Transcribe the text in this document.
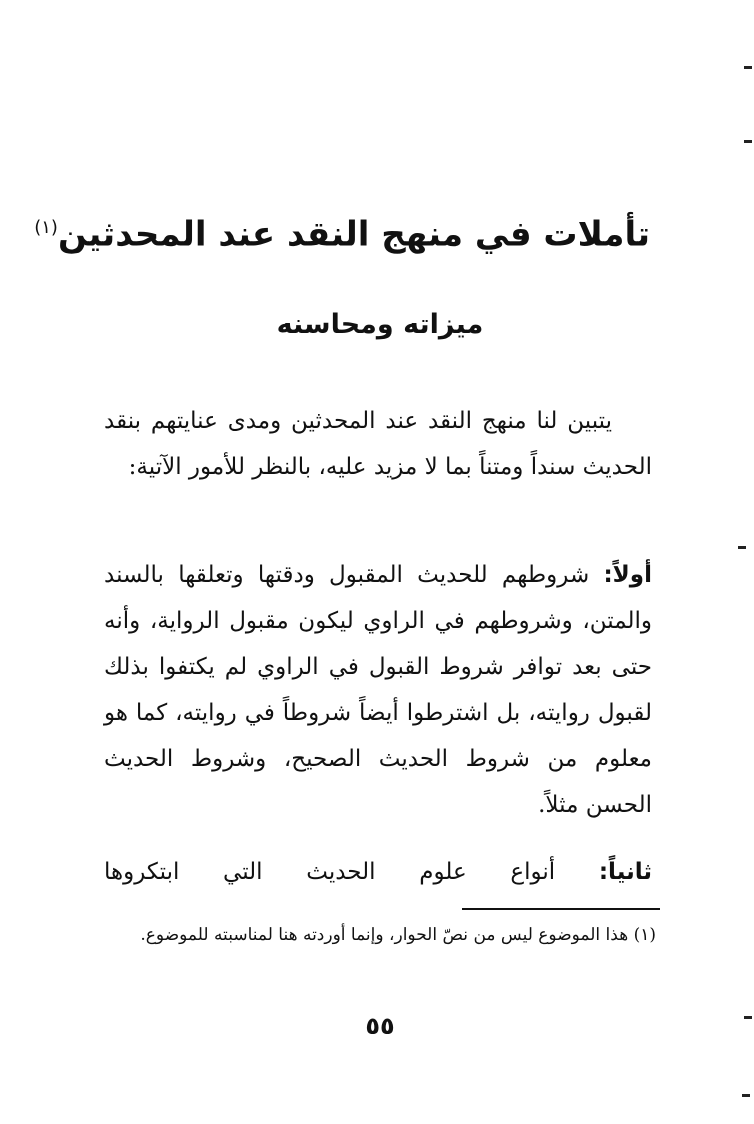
تأملات في منهج النقد عند المحدثين$^{(١)}$
ميزاته ومحاسنه
يتبين لنا منهج النقد عند المحدثين ومدى عنايتهم بنقد الحديث سنداً ومتناً بما لا مزيد عليه، بالنظر للأمور الآتية:
أولاً: شروطهم للحديث المقبول ودقتها وتعلقها بالسند والمتن، وشروطهم في الراوي ليكون مقبول الرواية، وأنه حتى بعد توافر شروط القبول في الراوي لم يكتفوا بذلك لقبول روايته، بل اشترطوا أيضاً شروطاً في روايته، كما هو معلوم من شروط الحديث الصحيح، وشروط الحديث الحسن مثلاً.
ثانياً: أنواع علوم الحديث التي ابتكروها
(١) هذا الموضوع ليس من نصّ الحوار، وإنما أوردته هنا لمناسبته للموضوع.
٥٥
